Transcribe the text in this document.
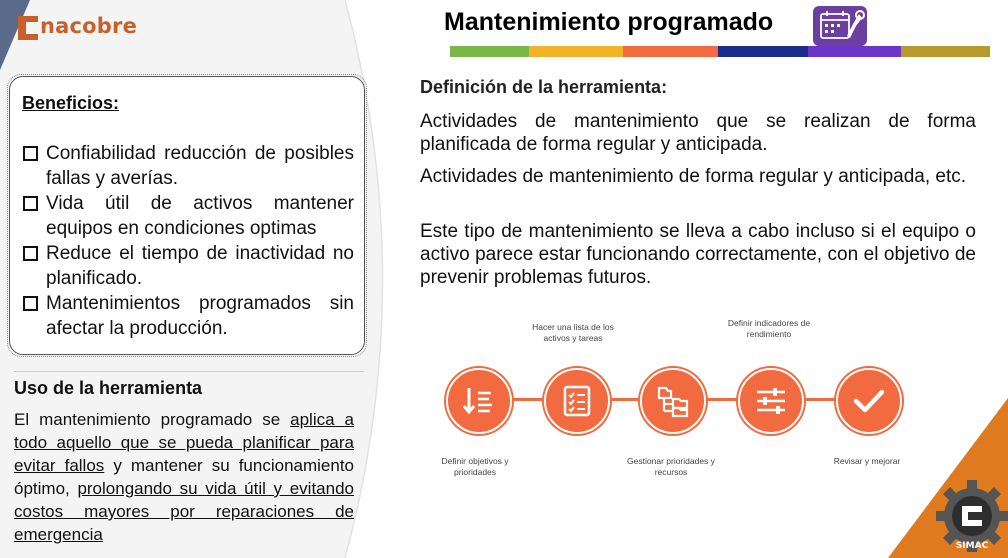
nacobre
Beneficios:
Confiabilidad reducción de posibles fallas y averías.
Vida útil de activos mantener equipos en condiciones optimas
Reduce el tiempo de inactividad no planificado.
Mantenimientos programados sin afectar la producción.
Uso de la herramienta
El mantenimiento programado se aplica a todo aquello que se pueda planificar para evitar fallos y mantener su funcionamiento óptimo, prolongando su vida útil y evitando costos mayores por reparaciones de emergencia
Mantenimiento programado
Definición de la herramienta:
Actividades de mantenimiento que se realizan de forma planificada de forma regular y anticipada.
Actividades de mantenimiento de forma regular y anticipada, etc.
Este tipo de mantenimiento se lleva a cabo incluso si el equipo o activo parece estar funcionando correctamente, con el objetivo de prevenir problemas futuros.
Definir objetivos y prioridades
Hacer una lista de los activos y tareas
Gestionar prioridades y recursos
Definir indicadores de rendimiento
Revisar y mejorar
SIMAC
